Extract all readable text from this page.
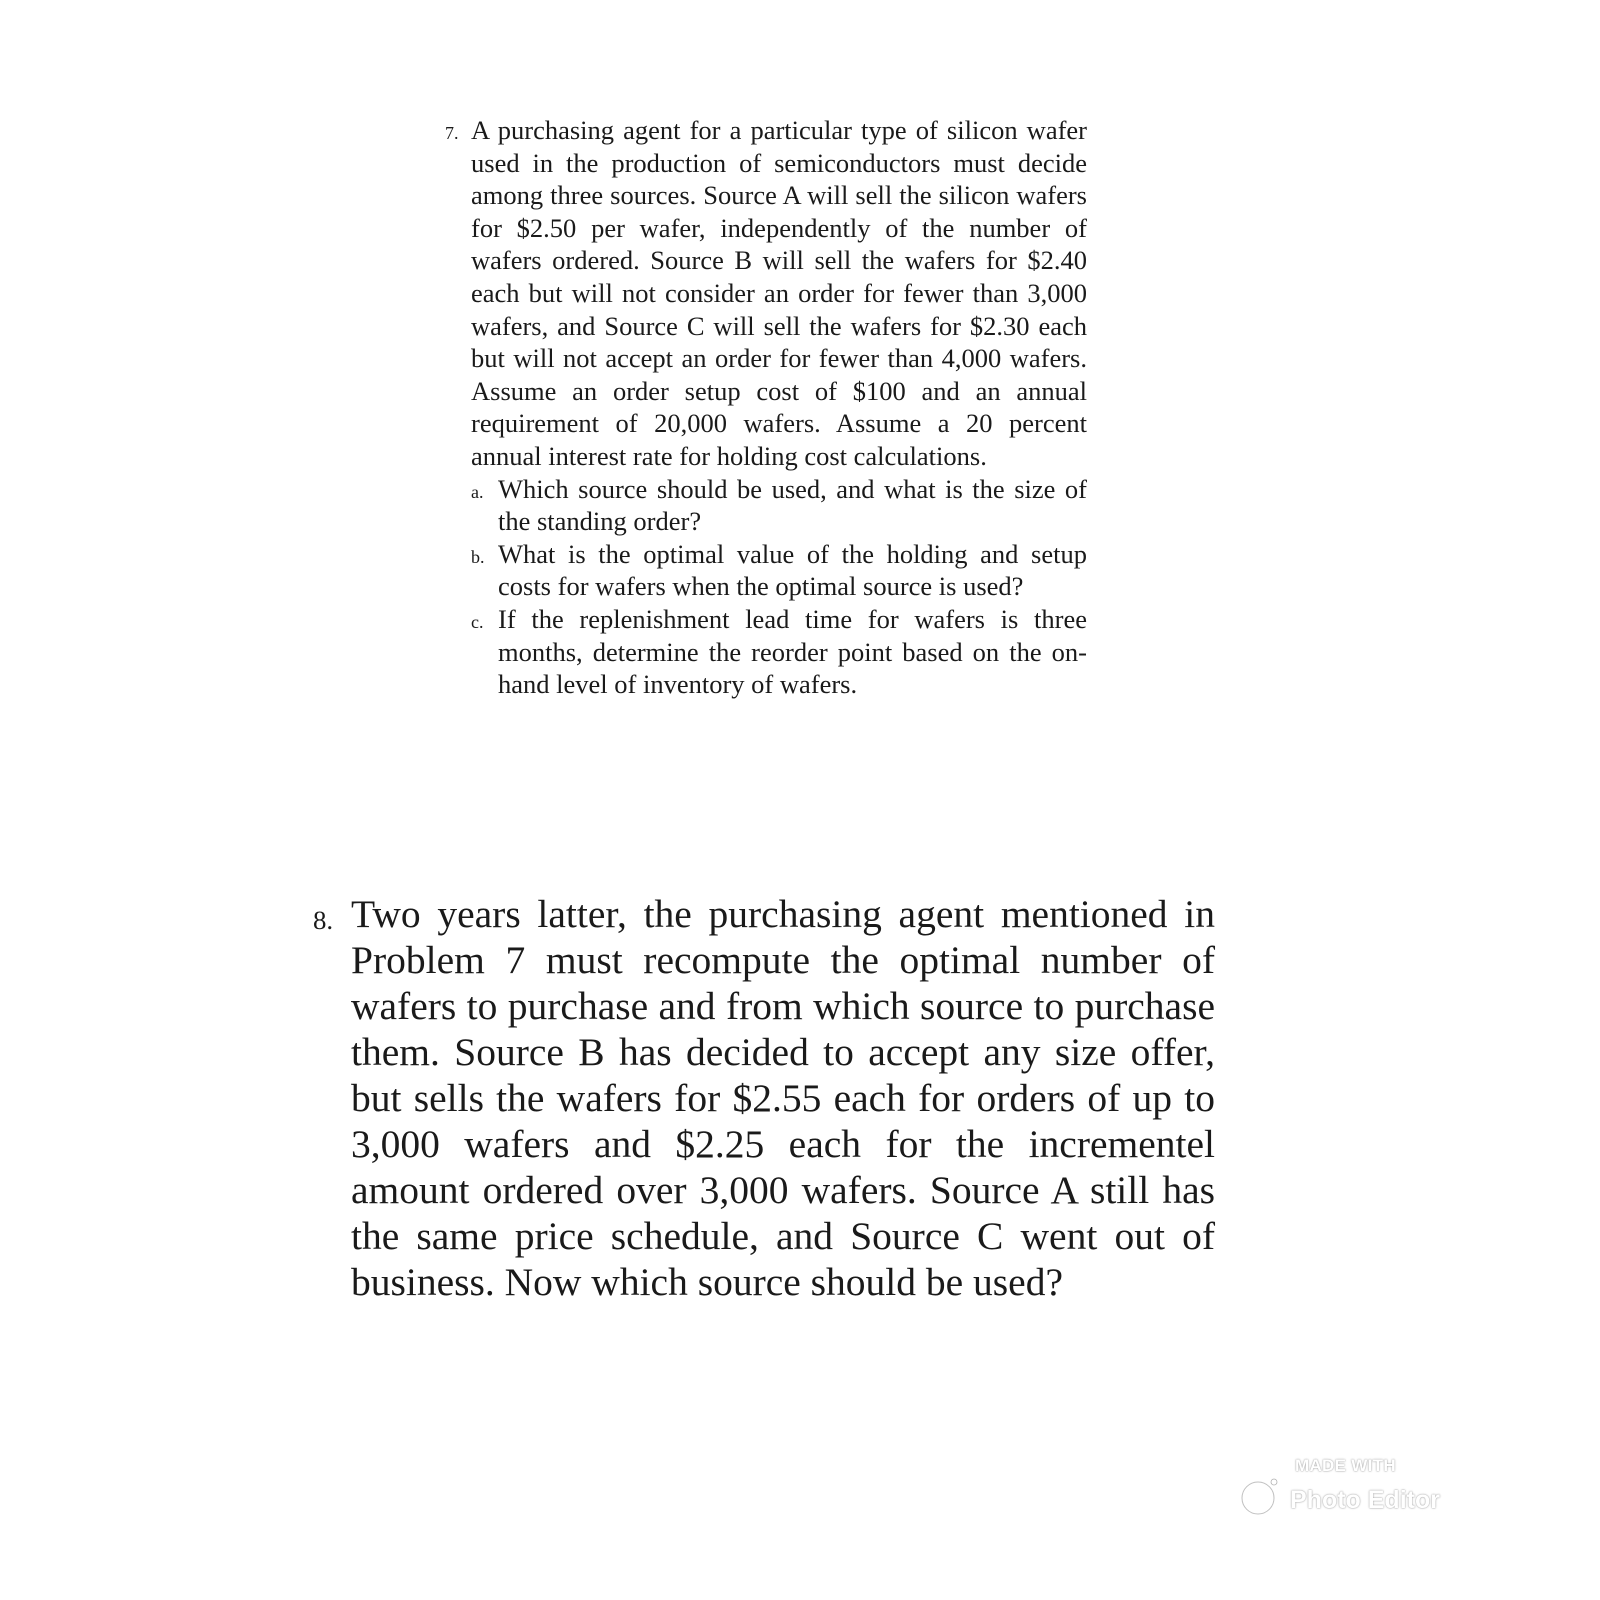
7. A purchasing agent for a particular type of silicon wafer used in the production of semiconductors must decide among three sources. Source A will sell the silicon wafers for $2.50 per wafer, independently of the number of wafers ordered. Source B will sell the wafers for $2.40 each but will not consider an order for fewer than 3,000 wafers, and Source C will sell the wafers for $2.30 each but will not accept an order for fewer than 4,000 wafers. Assume an order setup cost of $100 and an annual requirement of 20,000 wafers. Assume a 20 percent annual interest rate for holding cost calculations.
a. Which source should be used, and what is the size of the standing order?
b. What is the optimal value of the holding and setup costs for wafers when the optimal source is used?
c. If the replenishment lead time for wafers is three months, determine the reorder point based on the on-hand level of inventory of wafers.
8. Two years latter, the purchasing agent mentioned in Problem 7 must recompute the optimal number of wafers to purchase and from which source to purchase them. Source B has decided to accept any size offer, but sells the wafers for $2.55 each for orders of up to 3,000 wafers and $2.25 each for the incrementel amount ordered over 3,000 wafers. Source A still has the same price schedule, and Source C went out of business. Now which source should be used?
MADE WITH
Photo Editor
